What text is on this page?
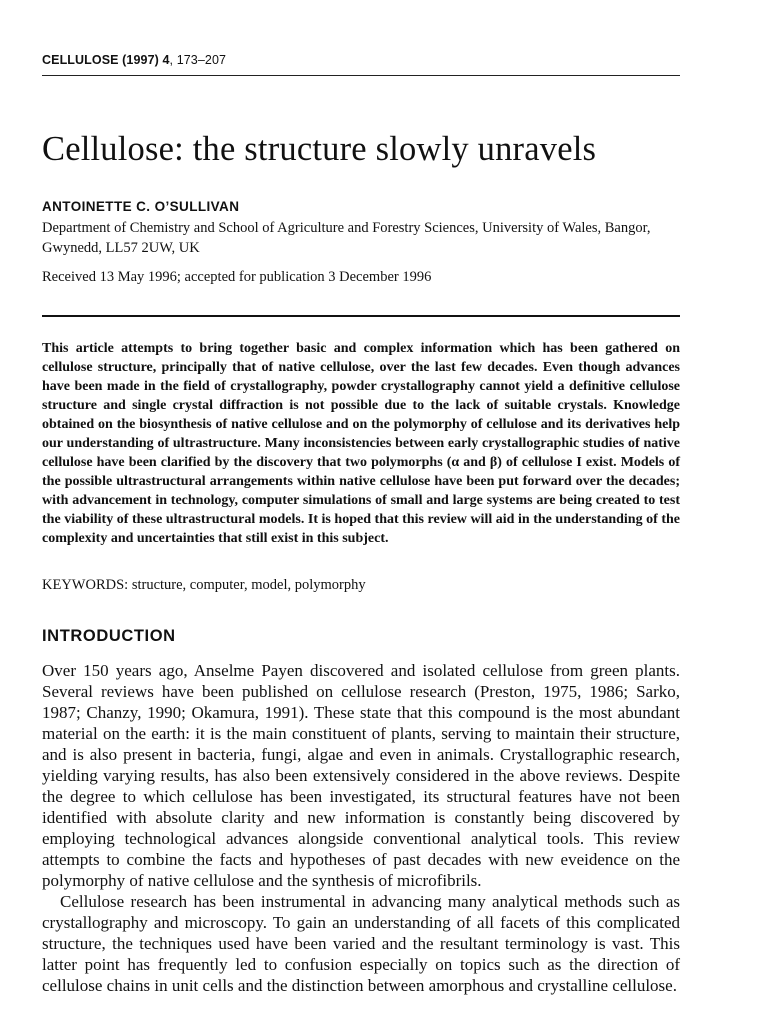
CELLULOSE (1997) 4, 173–207
Cellulose: the structure slowly unravels
ANTOINETTE C. O’SULLIVAN
Department of Chemistry and School of Agriculture and Forestry Sciences, University of Wales, Bangor, Gwynedd, LL57 2UW, UK
Received 13 May 1996; accepted for publication 3 December 1996

This article attempts to bring together basic and complex information which has been gathered on cellulose structure, principally that of native cellulose, over the last few decades. Even though advances have been made in the field of crystallography, powder crystallography cannot yield a definitive cellulose structure and single crystal diffraction is not possible due to the lack of suitable crystals. Knowledge obtained on the biosynthesis of native cellulose and on the polymorphy of cellulose and its derivatives help our understanding of ultrastructure. Many inconsistencies between early crystallographic studies of native cellulose have been clarified by the discovery that two polymorphs (α and β) of cellulose I exist. Models of the possible ultrastructural arrangements within native cellulose have been put forward over the decades; with advancement in technology, computer simulations of small and large systems are being created to test the viability of these ultrastructural models. It is hoped that this review will aid in the understanding of the complexity and uncertainties that still exist in this subject.

KEYWORDS: structure, computer, model, polymorphy
INTRODUCTION

Over 150 years ago, Anselme Payen discovered and isolated cellulose from green plants. Several reviews have been published on cellulose research (Preston, 1975, 1986; Sarko, 1987; Chanzy, 1990; Okamura, 1991). These state that this compound is the most abundant material on the earth: it is the main constituent of plants, serving to maintain their structure, and is also present in bacteria, fungi, algae and even in animals. Crystallographic research, yielding varying results, has also been extensively considered in the above reviews. Despite the degree to which cellulose has been investigated, its structural features have not been identified with absolute clarity and new information is constantly being discovered by employing technological advances alongside conventional analytical tools. This review attempts to combine the facts and hypotheses of past decades with new eveidence on the polymorphy of native cellulose and the synthesis of microfibrils.

Cellulose research has been instrumental in advancing many analytical methods such as crystallography and microscopy. To gain an understanding of all facets of this complicated structure, the techniques used have been varied and the resultant terminology is vast. This latter point has frequently led to confusion especially on topics such as the direction of cellulose chains in unit cells and the distinction between amorphous and crystalline cellulose.
